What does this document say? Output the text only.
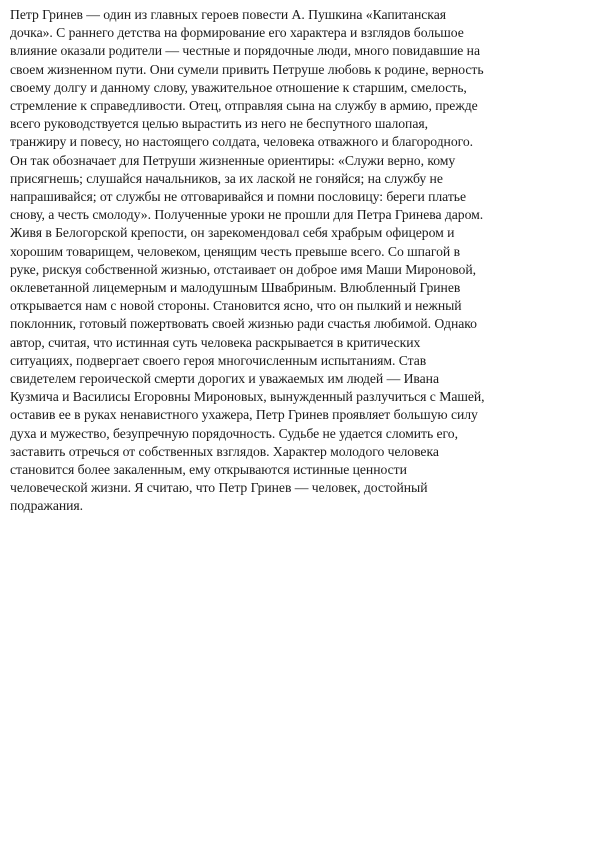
Петр Гринев — один из главных героев повести А. Пушкина «Капитанская
дочка». С раннего детства на формирование его характера и взглядов большое
влияние оказали родители — честные и порядочные люди, много повидавшие на
своем жизненном пути. Они сумели привить Петруше любовь к родине, верность
своему долгу и данному слову, уважительное отношение к старшим, смелость,
стремление к справедливости. Отец, отправляя сына на службу в армию, прежде
всего руководствуется целью вырастить из него не беспутного шалопая,
транжиру и повесу, но настоящего солдата, человека отважного и благородного.
Он так обозначает для Петруши жизненные ориентиры: «Служи верно, кому
присягнешь; слушайся начальников, за их лаской не гоняйся; на службу не
напрашивайся; от службы не отговаривайся и помни пословицу: береги платье
снову, а честь смолоду». Полученные уроки не прошли для Петра Гринева даром.
Живя в Белогорской крепости, он зарекомендовал себя храбрым офицером и
хорошим товарищем, человеком, ценящим честь превыше всего. Со шпагой в
руке, рискуя собственной жизнью, отстаивает он доброе имя Маши Мироновой,
оклеветанной лицемерным и малодушным Швабриным. Влюбленный Гринев
открывается нам с новой стороны. Становится ясно, что он пылкий и нежный
поклонник, готовый пожертвовать своей жизнью ради счастья любимой. Однако
автор, считая, что истинная суть человека раскрывается в критических
ситуациях, подвергает своего героя многочисленным испытаниям. Став
свидетелем героической смерти дорогих и уважаемых им людей — Ивана
Кузмича и Василисы Егоровны Мироновых, вынужденный разлучиться с Машей,
оставив ее в руках ненавистного ухажера, Петр Гринев проявляет большую силу
духа и мужество, безупречную порядочность. Судьбе не удается сломить его,
заставить отречься от собственных взглядов. Характер молодого человека
становится более закаленным, ему открываются истинные ценности
человеческой жизни. Я считаю, что Петр Гринев — человек, достойный
подражания.
